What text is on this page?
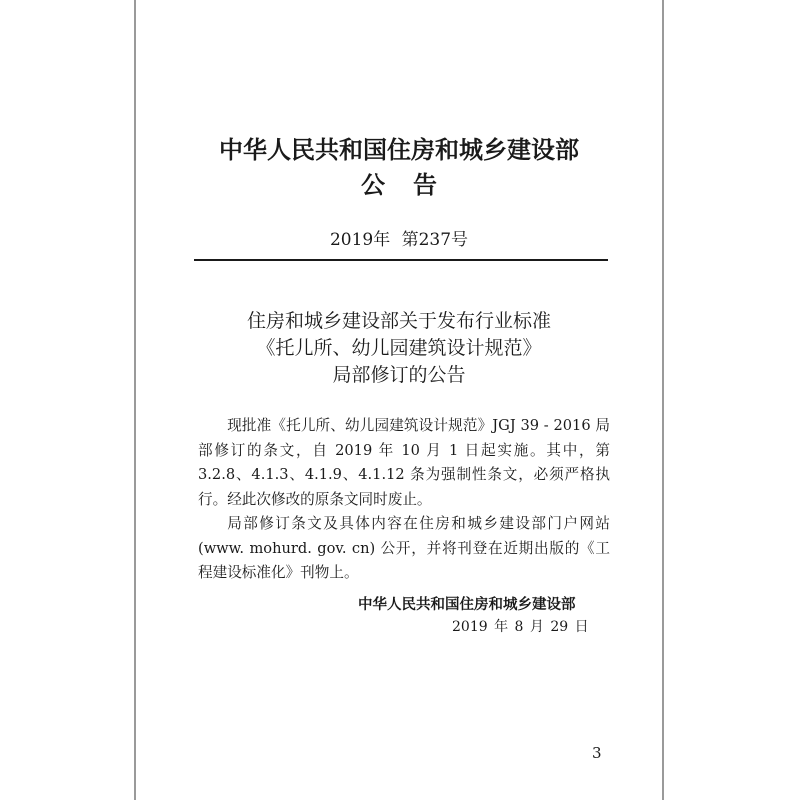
中华人民共和国住房和城乡建设部
公告
2019年 第237号
住房和城乡建设部关于发布行业标准
《托儿所、幼儿园建筑设计规范》
局部修订的公告

现批准《托儿所、幼儿园建筑设计规范》JGJ 39 - 2016 局部修订的条文，自 2019 年 10 月 1 日起实施。其中，第 3.2.8、4.1.3、4.1.9、4.1.12 条为强制性条文，必须严格执行。经此次修改的原条文同时废止。

局部修订条文及具体内容在住房和城乡建设部门户网站(www. mohurd. gov. cn) 公开，并将刊登在近期出版的《工程建设标准化》刊物上。

中华人民共和国住房和城乡建设部
2019 年 8 月 29 日
3
